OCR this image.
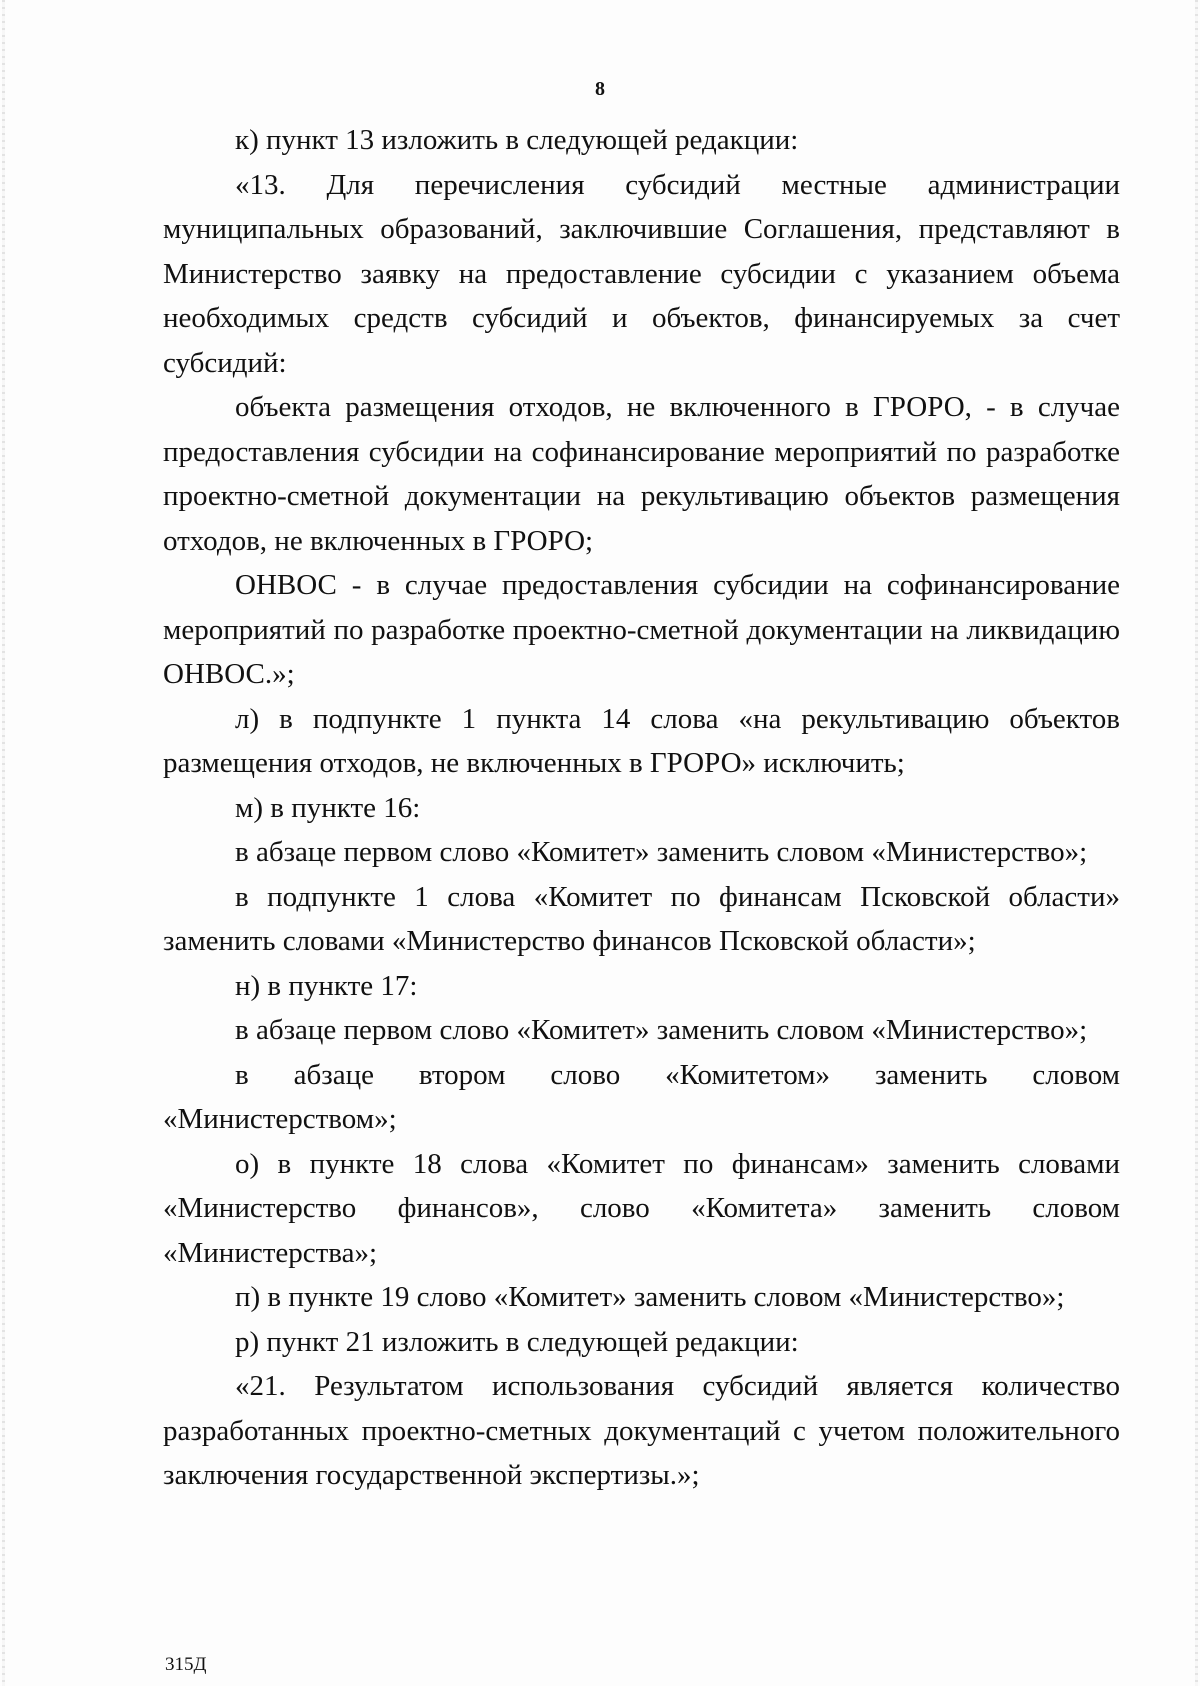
8

к) пункт 13 изложить в следующей редакции:

«13. Для перечисления субсидий местные администрации муниципальных образований, заключившие Соглашения, представляют в Министерство заявку на предоставление субсидии с указанием объема необходимых средств субсидий и объектов, финансируемых за счет субсидий:

объекта размещения отходов, не включенного в ГРОРО, - в случае предоставления субсидии на софинансирование мероприятий по разработке проектно-сметной документации на рекультивацию объектов размещения отходов, не включенных в ГРОРО;

ОНВОС - в случае предоставления субсидии на софинансирование мероприятий по разработке проектно-сметной документации на ликвидацию ОНВОС.»;

л) в подпункте 1 пункта 14 слова «на рекультивацию объектов размещения отходов, не включенных в ГРОРО» исключить;

м) в пункте 16:

в абзаце первом слово «Комитет» заменить словом «Министерство»;

в подпункте 1 слова «Комитет по финансам Псковской области» заменить словами «Министерство финансов Псковской области»;

н) в пункте 17:

в абзаце первом слово «Комитет» заменить словом «Министерство»;

в абзаце втором слово «Комитетом» заменить словом «Министерством»;

о) в пункте 18 слова «Комитет по финансам» заменить словами «Министерство финансов», слово «Комитета» заменить словом «Министерства»;

п) в пункте 19 слово «Комитет» заменить словом «Министерство»;

р) пункт 21 изложить в следующей редакции:

«21. Результатом использования субсидий является количество разработанных проектно-сметных документаций с учетом положительного заключения государственной экспертизы.»;

315Д
